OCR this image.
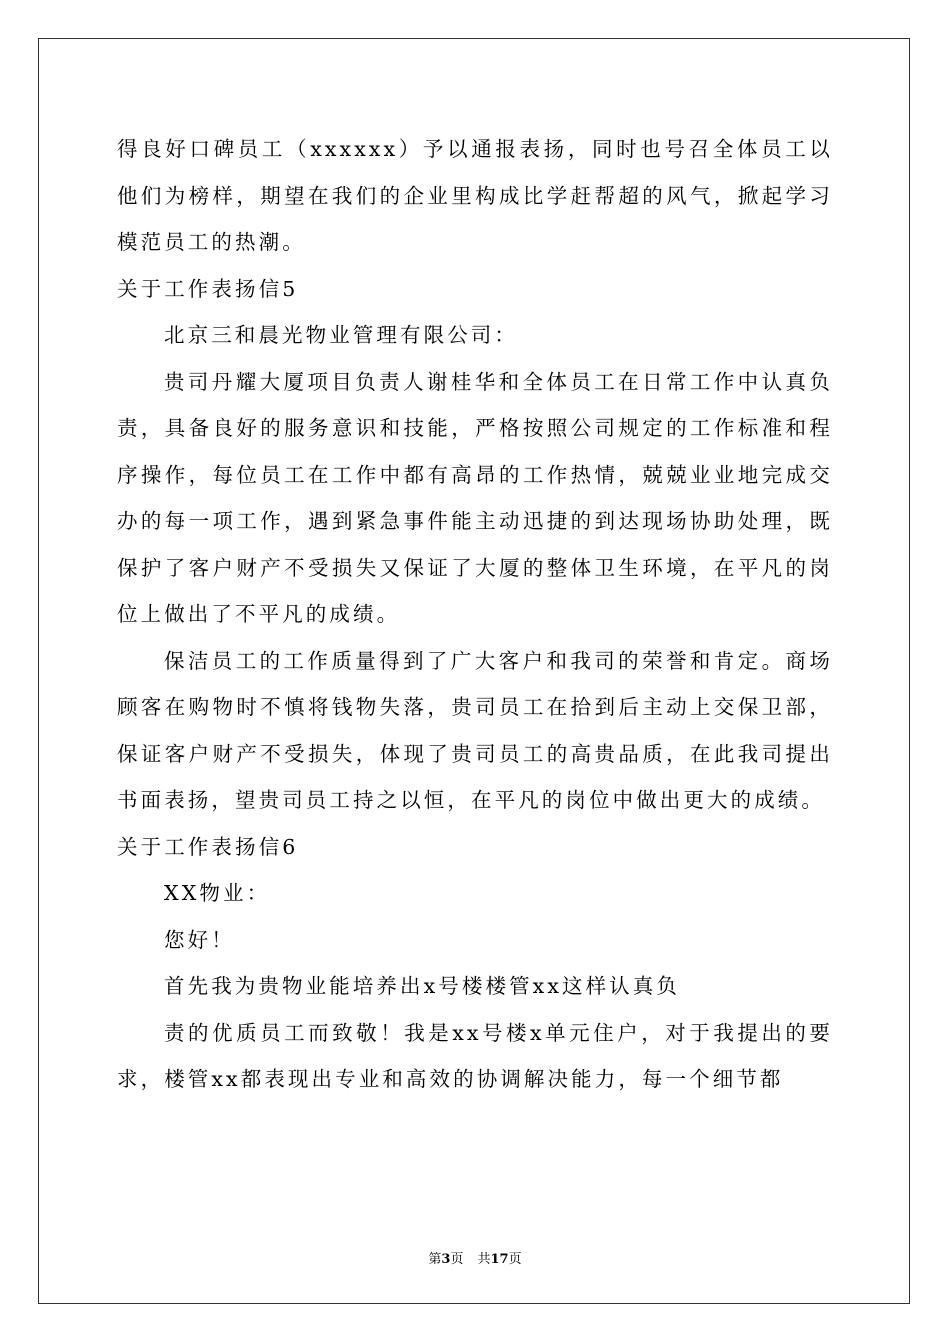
得良好口碑员工（xxxxxx）予以通报表扬，同时也号召全体员工以他们为榜样，期望在我们的企业里构成比学赶帮超的风气，掀起学习模范员工的热潮。

关于工作表扬信5

北京三和晨光物业管理有限公司：

贵司丹耀大厦项目负责人谢桂华和全体员工在日常工作中认真负责，具备良好的服务意识和技能，严格按照公司规定的工作标准和程序操作，每位员工在工作中都有高昂的工作热情，兢兢业业地完成交办的每一项工作，遇到紧急事件能主动迅捷的到达现场协助处理，既保护了客户财产不受损失又保证了大厦的整体卫生环境，在平凡的岗位上做出了不平凡的成绩。

保洁员工的工作质量得到了广大客户和我司的荣誉和肯定。商场顾客在购物时不慎将钱物失落，贵司员工在拾到后主动上交保卫部，保证客户财产不受损失，体现了贵司员工的高贵品质，在此我司提出书面表扬，望贵司员工持之以恒，在平凡的岗位中做出更大的成绩。

关于工作表扬信6

XX物业：

您好！

首先我为贵物业能培养出x号楼楼管xx这样认真负

责的优质员工而致敬！我是xx号楼x单元住户，对于我提出的要求，楼管xx都表现出专业和高效的协调解决能力，每一个细节都

第3页 共17页
